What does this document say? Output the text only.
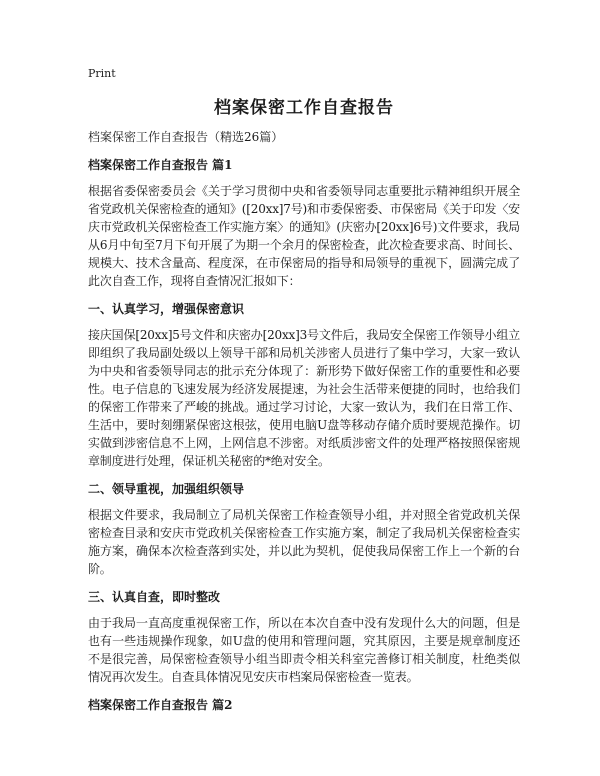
Print
档案保密工作自查报告
档案保密工作自查报告（精选26篇）
档案保密工作自查报告 篇1
根据省委保密委员会《关于学习贯彻中央和省委领导同志重要批示精神组织开展全省党政机关保密检查的通知》([20xx]7号)和市委保密委、市保密局《关于印发〈安庆市党政机关保密检查工作实施方案〉的通知》(庆密办[20xx]6号)文件要求，我局从6月中旬至7月下旬开展了为期一个余月的保密检查，此次检查要求高、时间长、规模大、技术含量高、程度深，在市保密局的指导和局领导的重视下，圆满完成了此次自查工作，现将自查情况汇报如下：
一、认真学习，增强保密意识
接庆国保[20xx]5号文件和庆密办[20xx]3号文件后，我局安全保密工作领导小组立即组织了我局副处级以上领导干部和局机关涉密人员进行了集中学习，大家一致认为中央和省委领导同志的批示充分体现了：新形势下做好保密工作的重要性和必要性。电子信息的飞速发展为经济发展提速，为社会生活带来便捷的同时，也给我们的保密工作带来了严峻的挑战。通过学习讨论，大家一致认为，我们在日常工作、生活中，要时刻绷紧保密这根弦，使用电脑U盘等移动存储介质时要规范操作。切实做到涉密信息不上网，上网信息不涉密。对纸质涉密文件的处理严格按照保密规章制度进行处理，保证机关秘密的*绝对安全。
二、领导重视，加强组织领导
根据文件要求，我局制立了局机关保密工作检查领导小组，并对照全省党政机关保密检查目录和安庆市党政机关保密检查工作实施方案，制定了我局机关保密检查实施方案，确保本次检查落到实处，并以此为契机，促使我局保密工作上一个新的台阶。
三、认真自查，即时整改
由于我局一直高度重视保密工作，所以在本次自查中没有发现什么大的问题，但是也有一些违规操作现象，如U盘的使用和管理问题，究其原因，主要是规章制度还不是很完善，局保密检查领导小组当即责令相关科室完善修订相关制度，杜绝类似情况再次发生。自查具体情况见安庆市档案局保密检查一览表。
档案保密工作自查报告 篇2
